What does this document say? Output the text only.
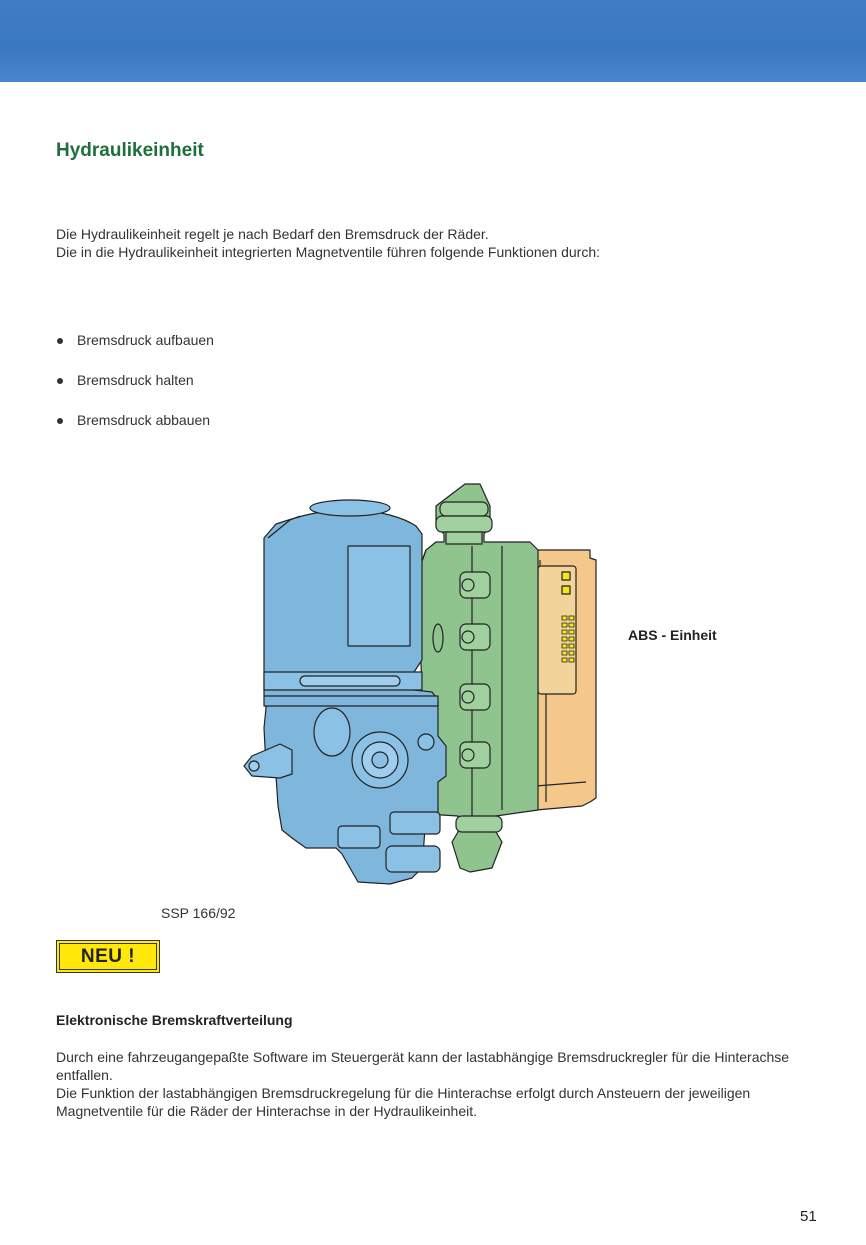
Hydraulikeinheit

Die Hydraulikeinheit regelt je nach Bedarf den Bremsdruck der Räder.

Die in die Hydraulikeinheit integrierten Magnetventile führen folgende Funktionen durch:

Bremsdruck aufbauen
Bremsdruck halten
Bremsdruck abbauen
ABS - Einheit
SSP 166/92
NEU !
Elektronische Bremskraftverteilung

Durch eine fahrzeugangepaßte Software im Steuergerät kann der lastabhängige Bremsdruckregler für die Hinterachse entfallen.

Die Funktion der lastabhängigen Bremsdruckregelung für die Hinterachse erfolgt durch Ansteuern der jeweiligen Magnetventile für die Räder der Hinterachse in der Hydraulikeinheit.

51
